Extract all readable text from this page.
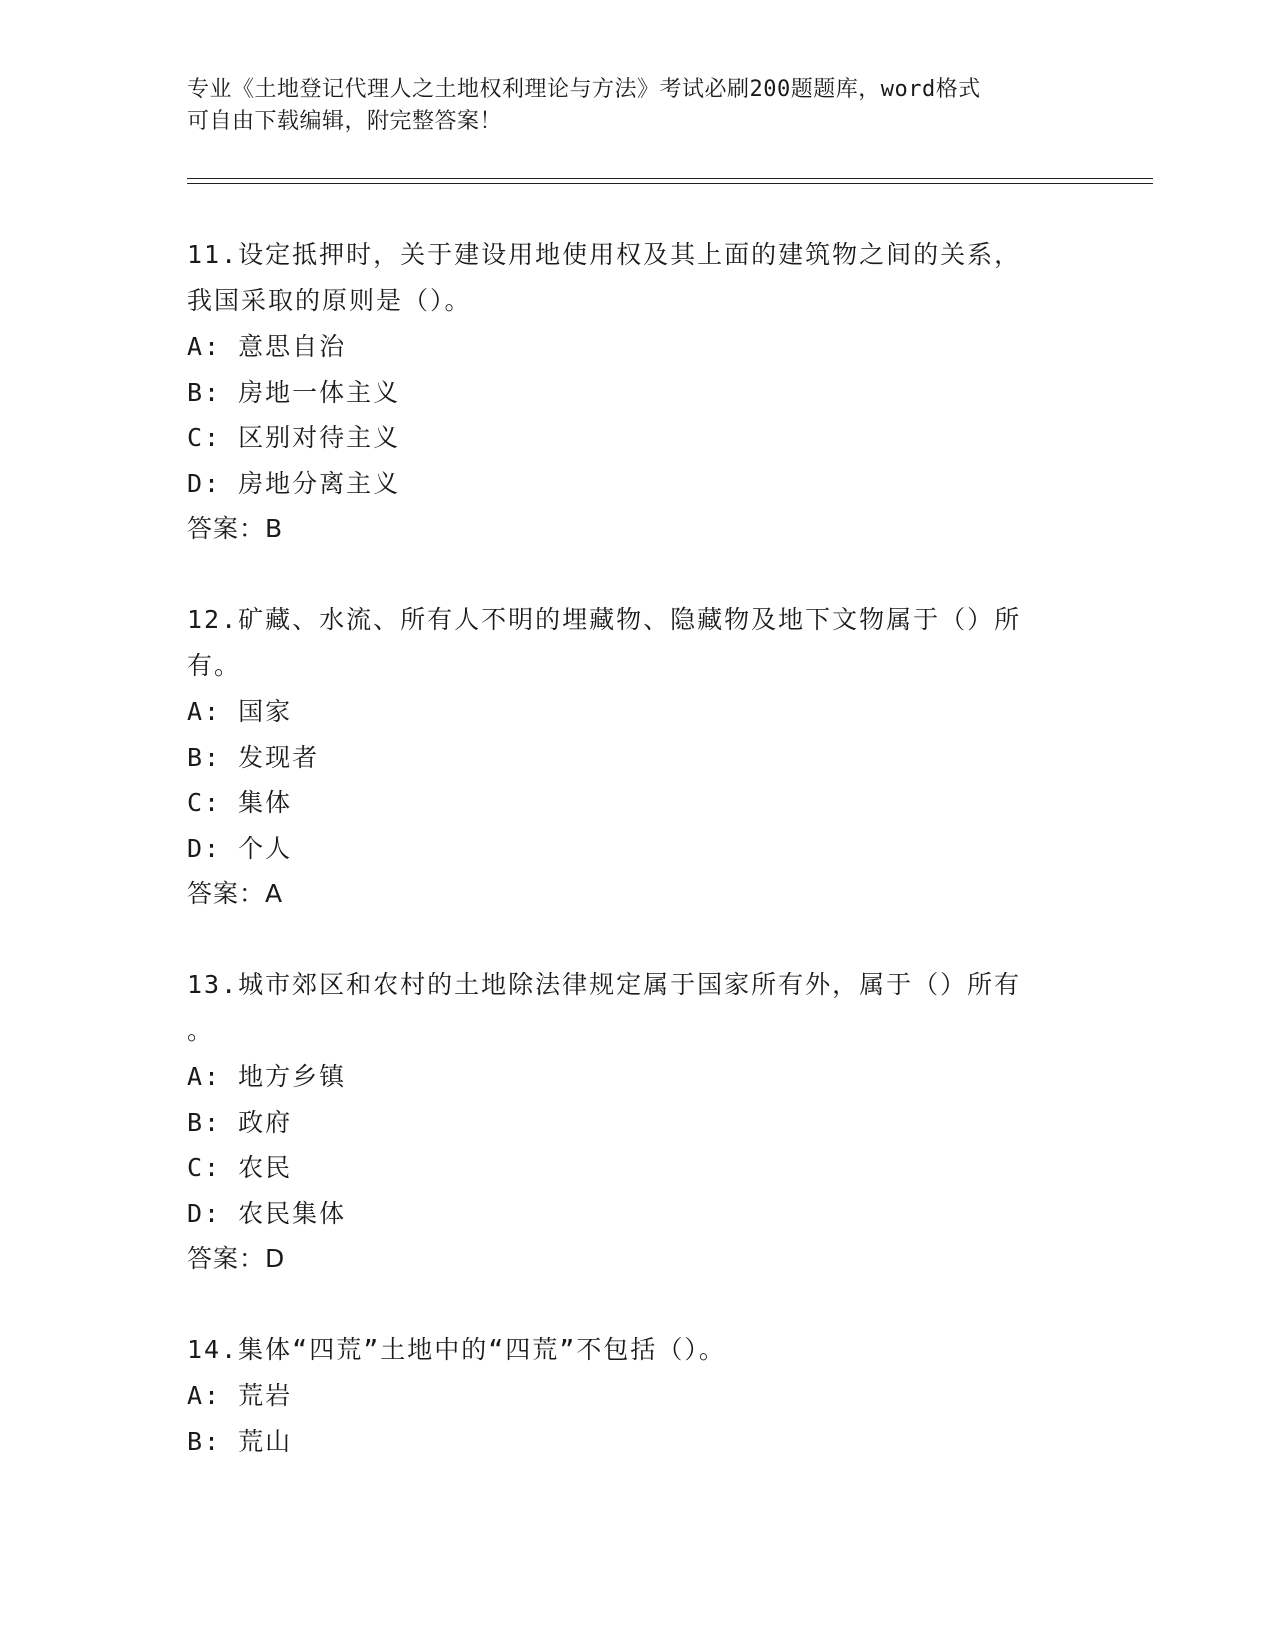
专业《土地登记代理人之土地权利理论与方法》考试必刷200题题库，word格式
可自由下载编辑，附完整答案！
11.设定抵押时，关于建设用地使用权及其上面的建筑物之间的关系，
我国采取的原则是（）。
A: 意思自治
B: 房地一体主义
C: 区别对待主义
D: 房地分离主义
答案：B
12.矿藏、水流、所有人不明的埋藏物、隐藏物及地下文物属于（）所
有。
A: 国家
B: 发现者
C: 集体
D: 个人
答案：A
13.城市郊区和农村的土地除法律规定属于国家所有外，属于（）所有
。
A: 地方乡镇
B: 政府
C: 农民
D: 农民集体
答案：D
14.集体“四荒”土地中的“四荒”不包括（）。
A: 荒岩
B: 荒山
